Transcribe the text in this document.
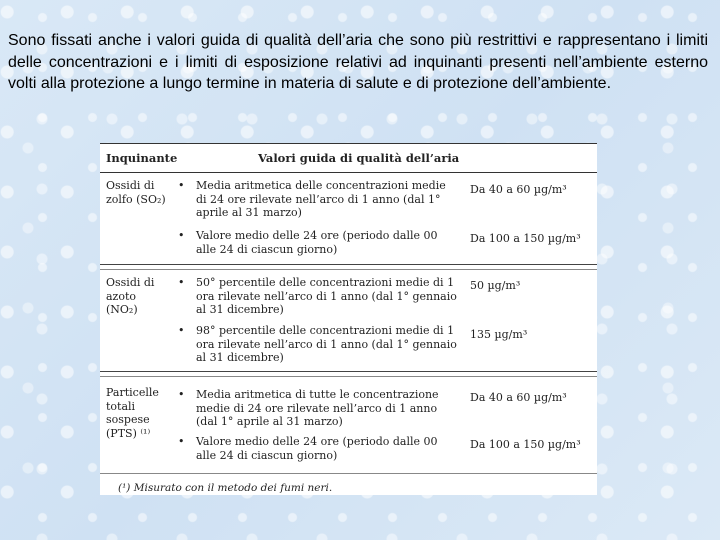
Sono fissati anche i valori guida di qualità dell’aria che sono più restrittivi e rappresentano i limiti delle concentrazioni e i limiti di esposizione relativi ad inquinanti presenti nell’ambiente esterno volti alla protezione a lungo termine in materia di salute e di protezione dell’ambiente.

Inquinante	Valori guida di qualità dell’aria
Ossidi di
zolfo (SO₂)
• Media aritmetica delle concentrazioni medie
di 24 ore rilevate nell’arco di 1 anno (dal 1°
aprile al 31 marzo)
Da 40 a 60 µg/m³
• Valore medio delle 24 ore (periodo dalle 00
alle 24 di ciascun giorno)
Da 100 a 150 µg/m³
Ossidi di
azoto (NO₂)
• 50° percentile delle concentrazioni medie di 1
ora rilevate nell’arco di 1 anno (dal 1° gennaio
al 31 dicembre)
50 µg/m³
• 98° percentile delle concentrazioni medie di 1
ora rilevate nell’arco di 1 anno (dal 1° gennaio
al 31 dicembre)
135 µg/m³
Particelle
totali
sospese
(PTS) ⁽¹⁾
• Media aritmetica di tutte le concentrazione
medie di 24 ore rilevate nell’arco di 1 anno
(dal 1° aprile al 31 marzo)
Da 40 a 60 µg/m³
• Valore medio delle 24 ore (periodo dalle 00
alle 24 di ciascun giorno)
Da 100 a 150 µg/m³
(¹) Misurato con il metodo dei fumi neri.
